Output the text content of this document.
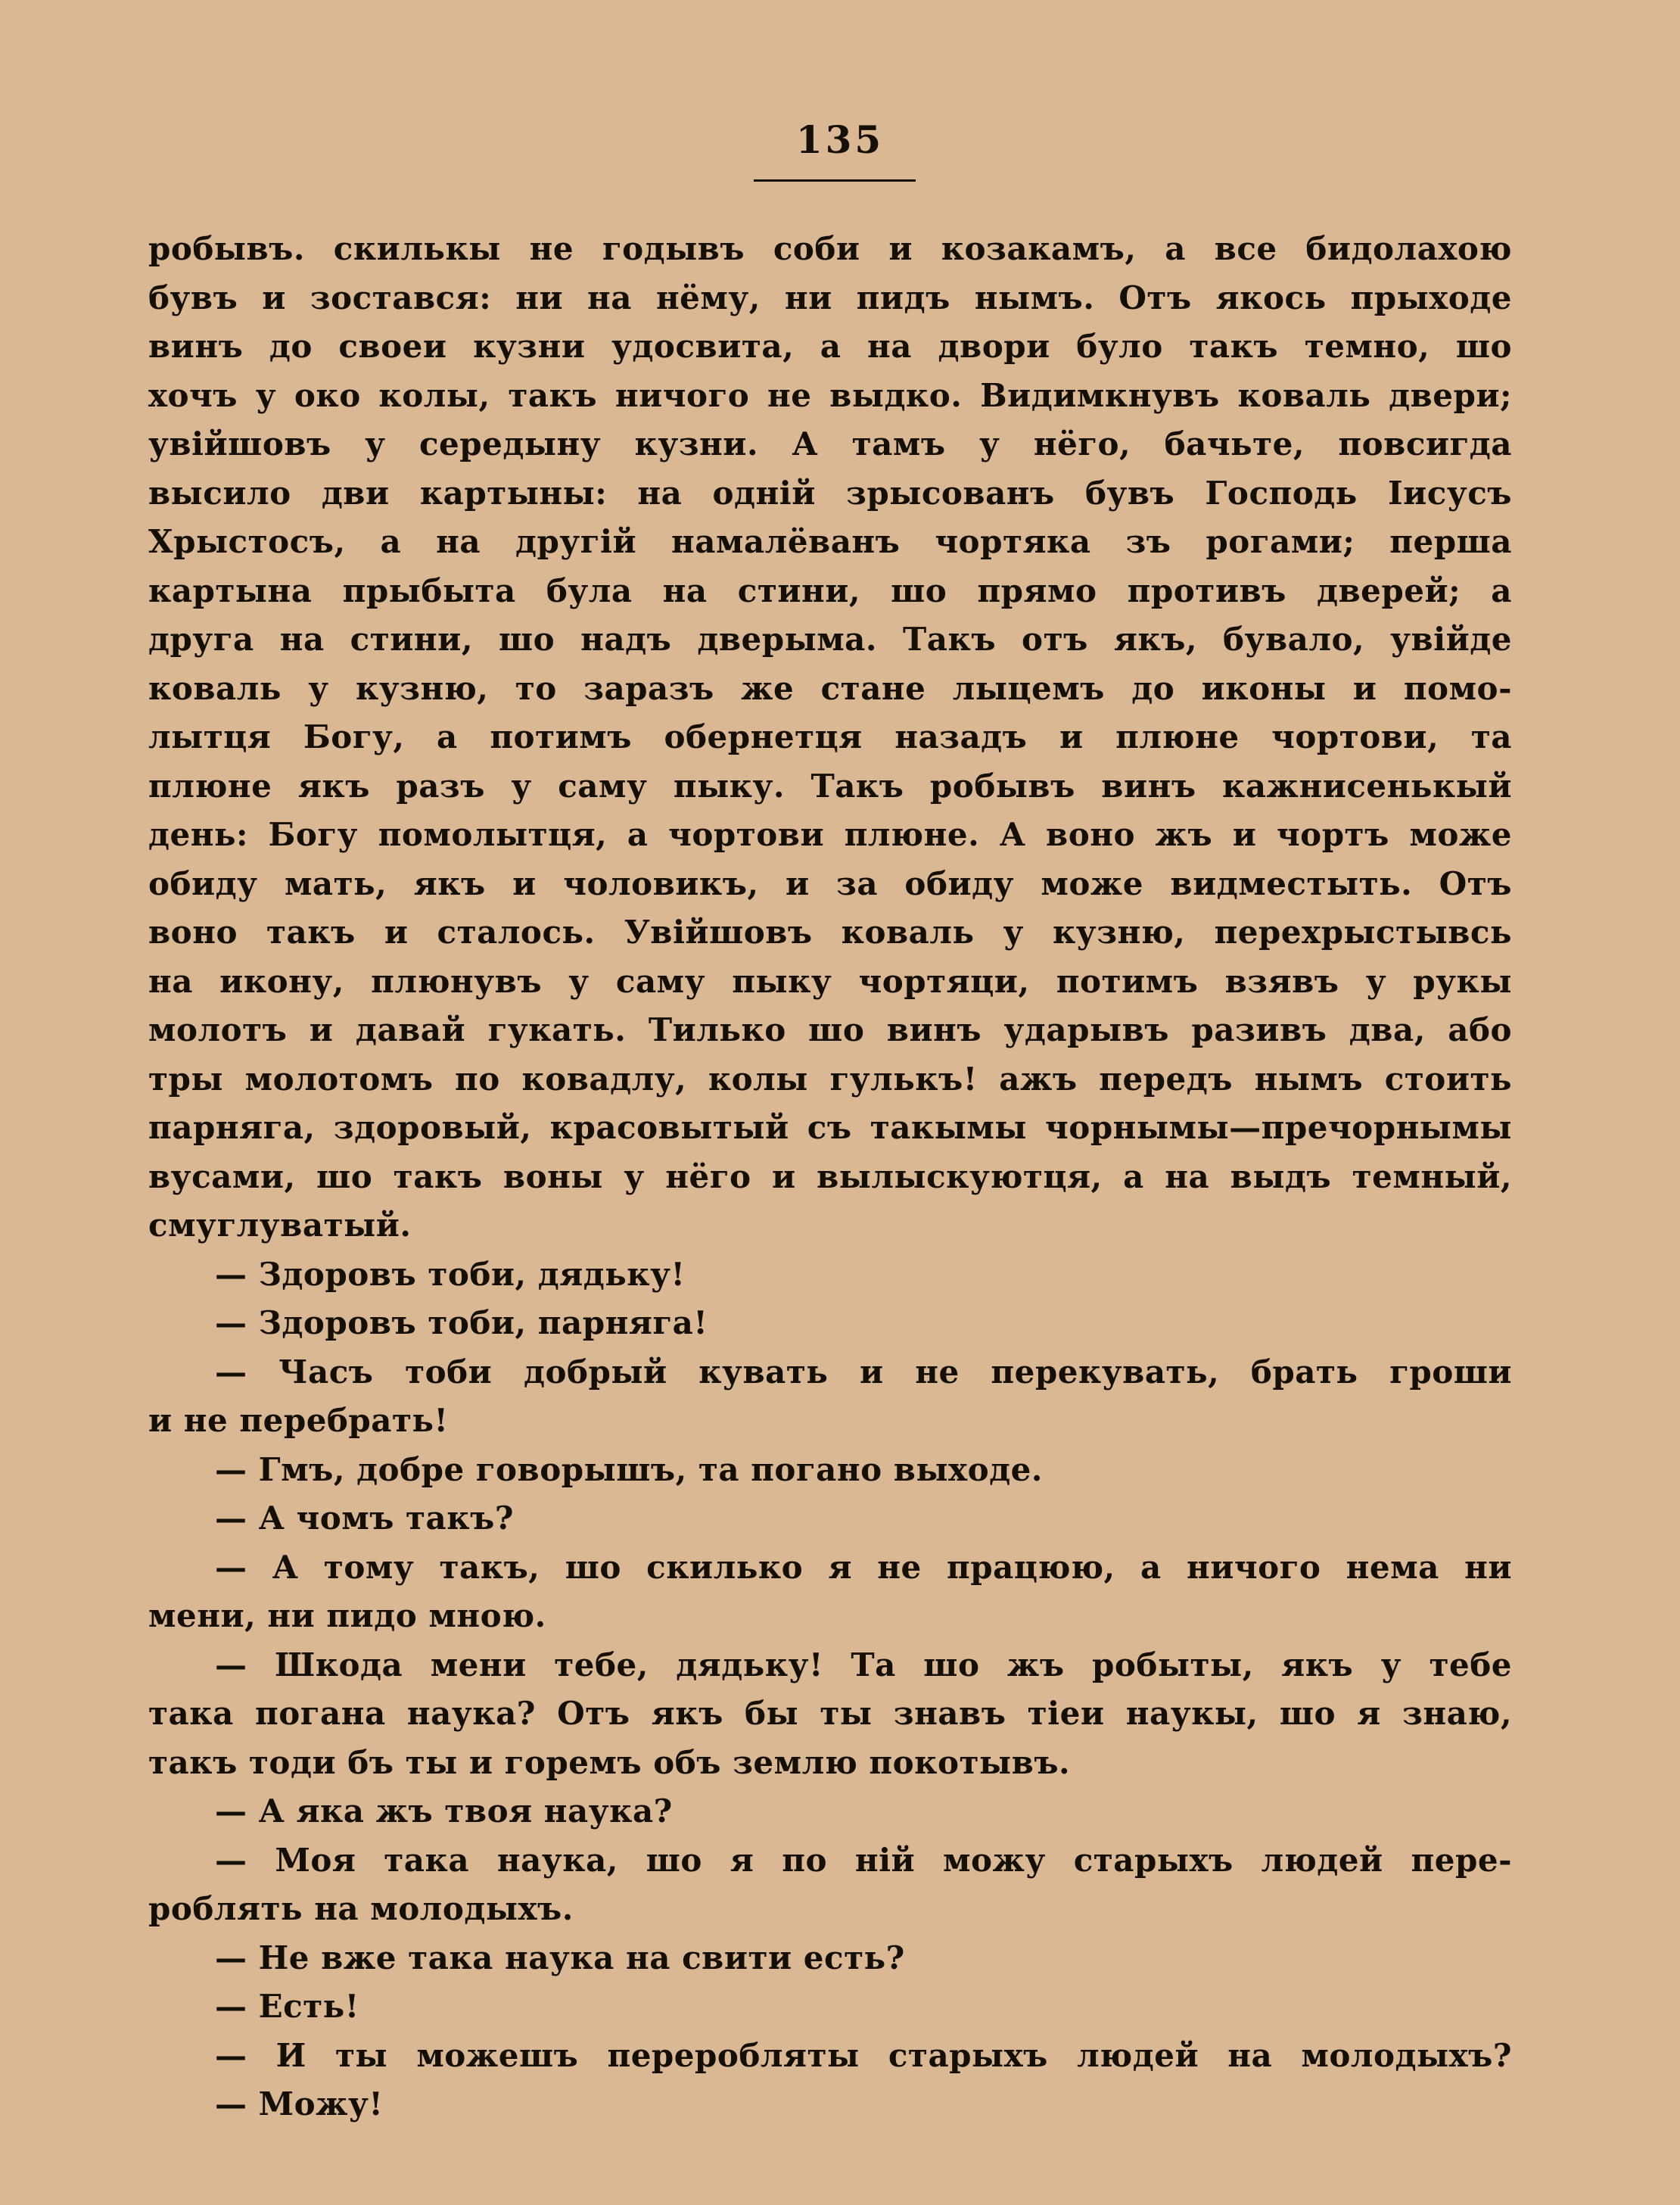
135
робывъ. скилькы не годывъ соби и козакамъ, а все бидолахою
бувъ и зостався: ни на нёму, ни пидъ нымъ. Отъ якось прыходе
винъ до своеи кузни удосвита, а на двори було такъ темно, шо
хочъ у око колы, такъ ничого не выдко. Видимкнувъ коваль двери;
увійшовъ у середыну кузни. А тамъ у нёго, бачьте, повсигда
высило дви картыны: на одній зрысованъ бувъ Господь Іисусъ
Хрыстосъ, а на другій намалёванъ чортяка зъ рогами; перша
картына прыбыта була на стини, шо прямо противъ дверей; а
друга на стини, шо надъ дверыма. Такъ отъ якъ, бувало, увійде
коваль у кузню, то заразъ же стане лыцемъ до иконы и помо-
лытця Богу, а потимъ обернетця назадъ и плюне чортови, та
плюне якъ разъ у саму пыку. Такъ робывъ винъ кажнисенькый
день: Богу помолытця, а чортови плюне. А воно жъ и чортъ може
обиду мать, якъ и чоловикъ, и за обиду може видместыть. Отъ
воно такъ и сталось. Увійшовъ коваль у кузню, перехрыстывсь
на икону, плюнувъ у саму пыку чортяци, потимъ взявъ у рукы
молотъ и давай гукать. Тилько шо винъ ударывъ разивъ два, або
тры молотомъ по ковадлу, колы гулькъ! ажъ передъ нымъ стоить
парняга, здоровый, красовытый съ такымы чорнымы—пречорнымы
вусами, шо такъ воны у нёго и вылыскуютця, а на выдъ темный,
смуглуватый.
— Здоровъ тоби, дядьку!
— Здоровъ тоби, парняга!
— Часъ тоби добрый кувать и не перекувать, брать гроши
и не перебрать!
— Гмъ, добре говорышъ, та погано выходе.
— А чомъ такъ?
— А тому такъ, шо скилько я не працюю, а ничого нема ни
мени, ни пидо мною.
— Шкода мени тебе, дядьку! Та шо жъ робыты, якъ у тебе
така погана наука? Отъ якъ бы ты знавъ тіеи наукы, шо я знаю,
такъ тоди бъ ты и горемъ объ землю покотывъ.
— А яка жъ твоя наука?
— Моя така наука, шо я по ній можу старыхъ людей пере-
роблять на молодыхъ.
— Не вже така наука на свити есть?
— Есть!
— И ты можешъ переробляты старыхъ людей на молодыхъ?
— Можу!
